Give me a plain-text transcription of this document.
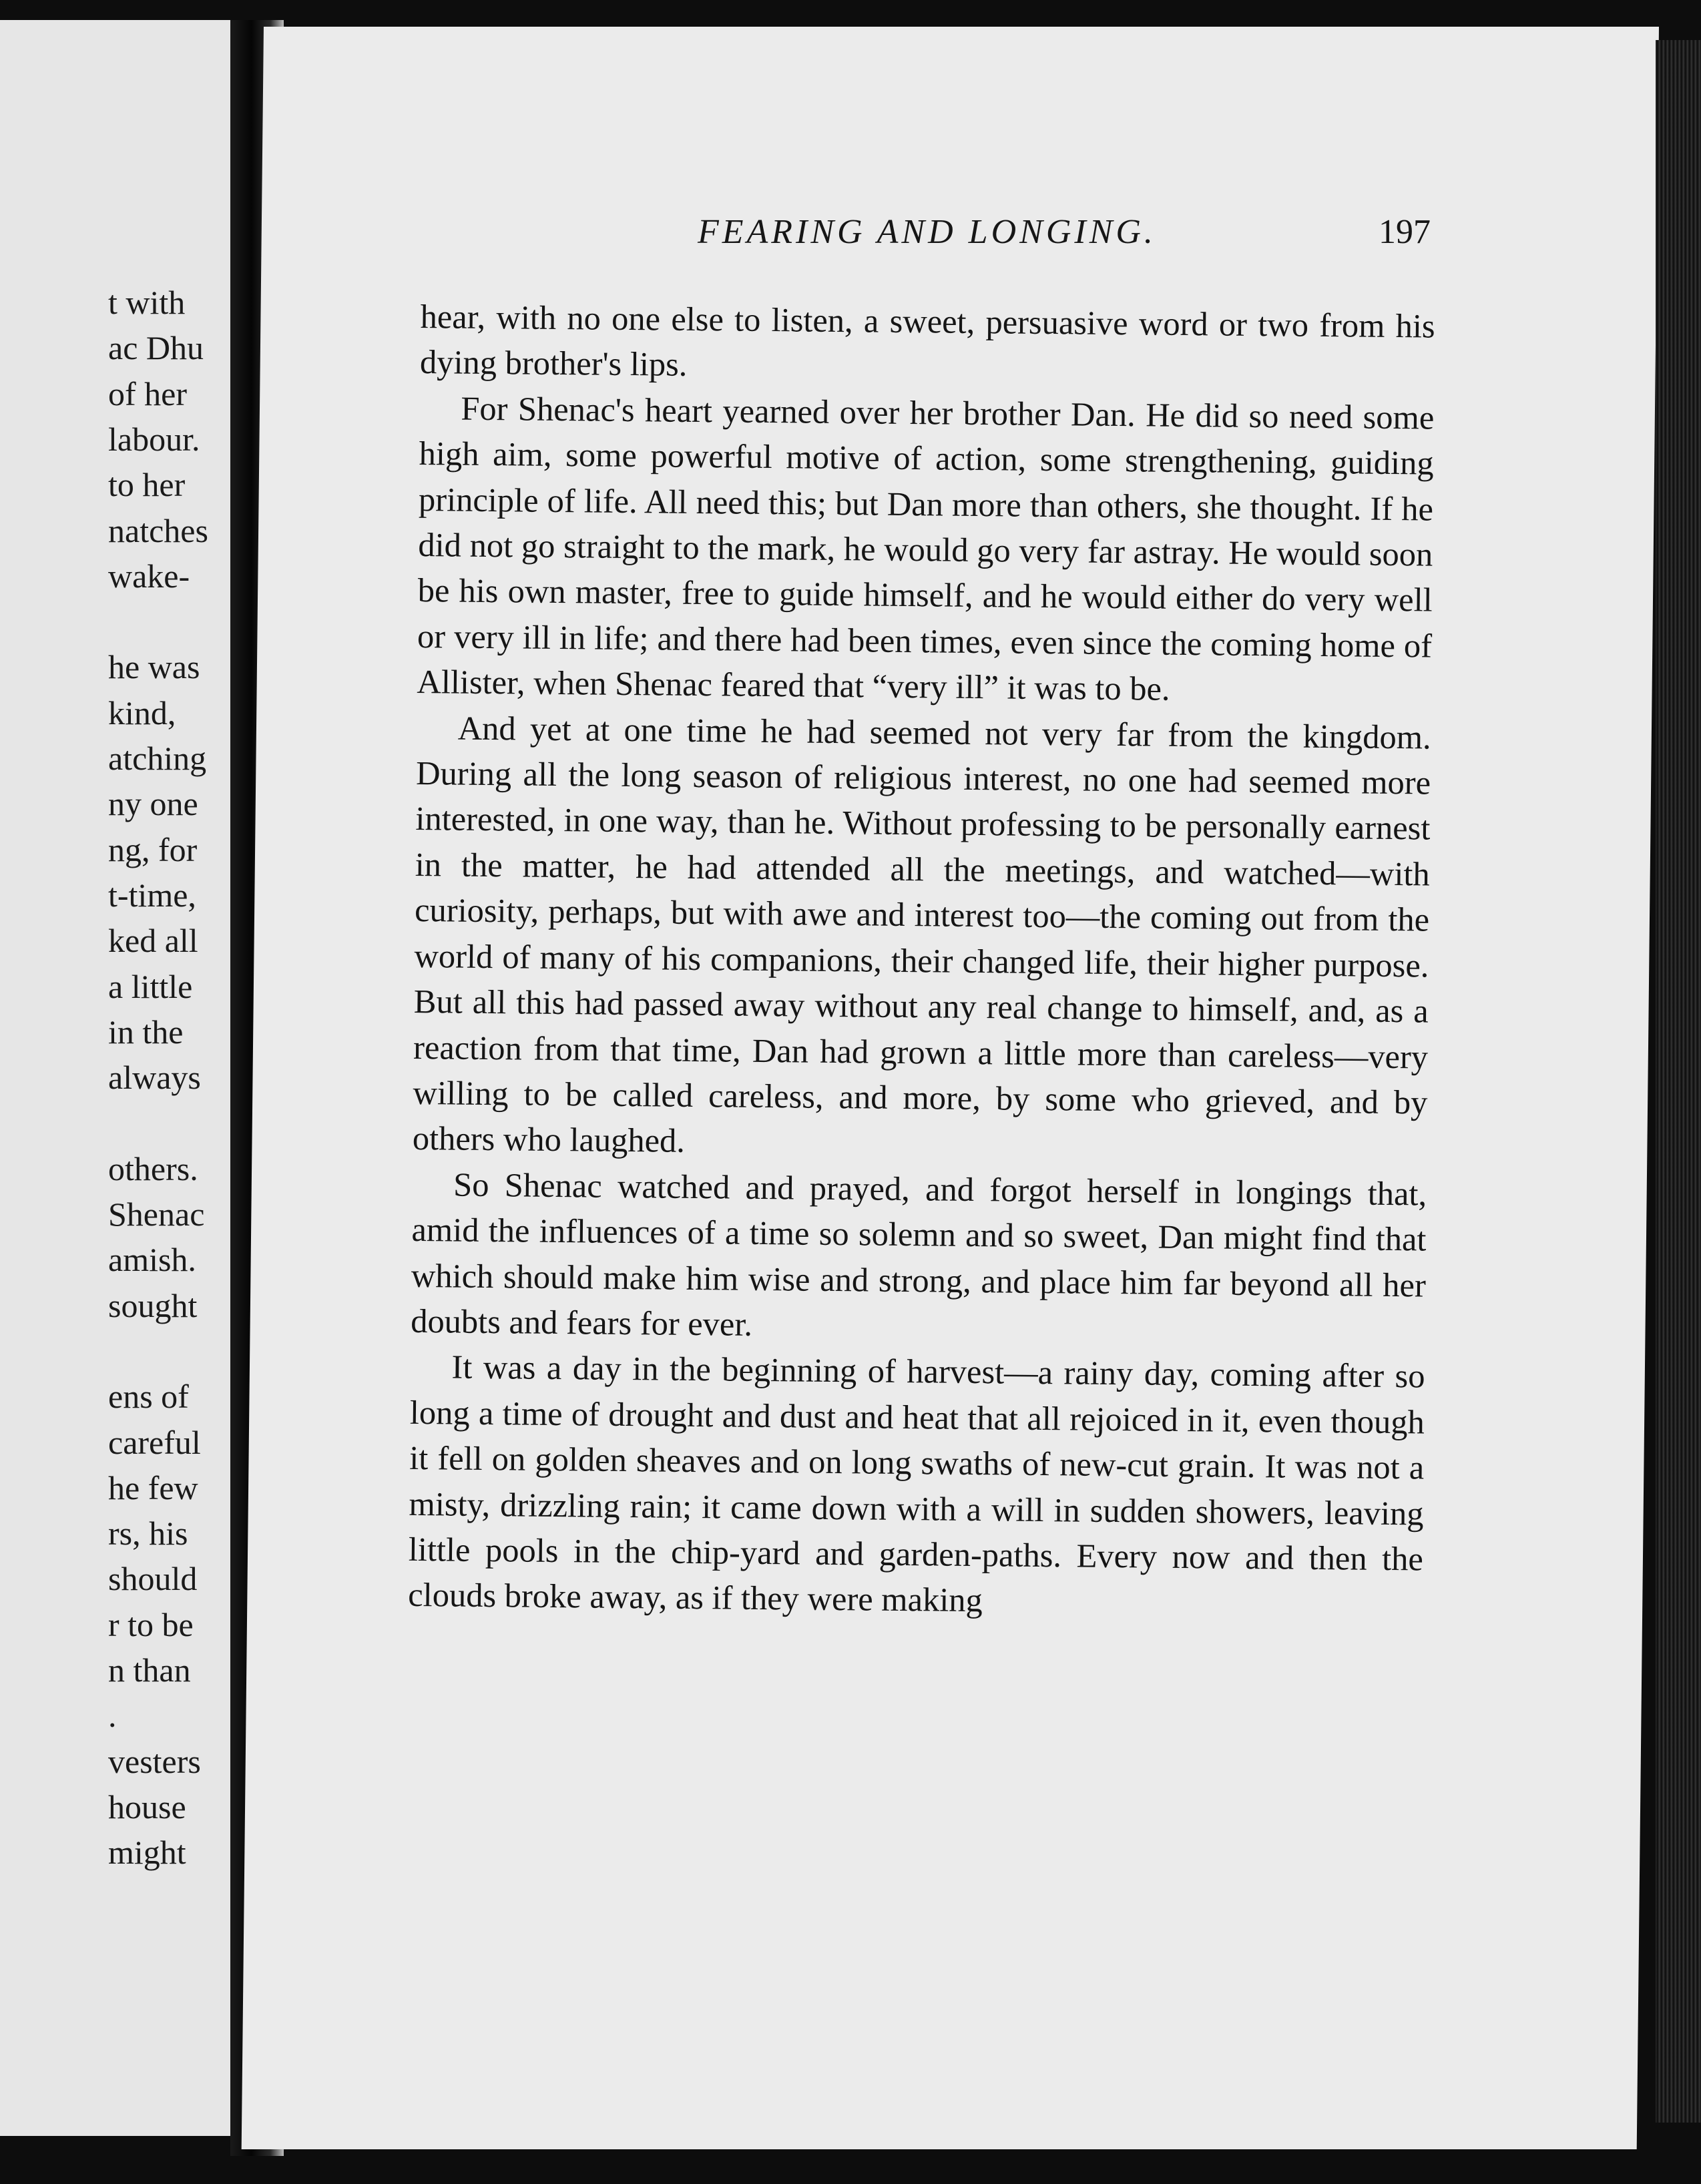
t with
ac Dhu
of her
labour.
to her
natches
wake-
he was
kind,
atching
ny one
ng, for
t-time,
ked all
a little
in the
always
others.
Shenac
amish.
sought
ens of
careful
he few
rs, his
should
r to be
n than
.
vesters
house
might
FEARING AND LONGING.	197

hear, with no one else to listen, a sweet, persuasive word or two from his dying brother's lips.

For Shenac's heart yearned over her brother Dan. He did so need some high aim, some powerful motive of action, some strengthening, guiding principle of life. All need this; but Dan more than others, she thought. If he did not go straight to the mark, he would go very far astray. He would soon be his own master, free to guide himself, and he would either do very well or very ill in life; and there had been times, even since the coming home of Allister, when Shenac feared that “very ill” it was to be.

And yet at one time he had seemed not very far from the kingdom. During all the long season of religious interest, no one had seemed more interested, in one way, than he. Without professing to be personally earnest in the matter, he had attended all the meetings, and watched—with curiosity, perhaps, but with awe and interest too—the coming out from the world of many of his companions, their changed life, their higher purpose. But all this had passed away without any real change to himself, and, as a reaction from that time, Dan had grown a little more than careless—very willing to be called careless, and more, by some who grieved, and by others who laughed.

So Shenac watched and prayed, and forgot herself in longings that, amid the influences of a time so solemn and so sweet, Dan might find that which should make him wise and strong, and place him far beyond all her doubts and fears for ever.

It was a day in the beginning of harvest—a rainy day, coming after so long a time of drought and dust and heat that all rejoiced in it, even though it fell on golden sheaves and on long swaths of new-cut grain. It was not a misty, drizzling rain; it came down with a will in sudden showers, leaving little pools in the chip-yard and garden-paths. Every now and then the clouds broke away, as if they were making
